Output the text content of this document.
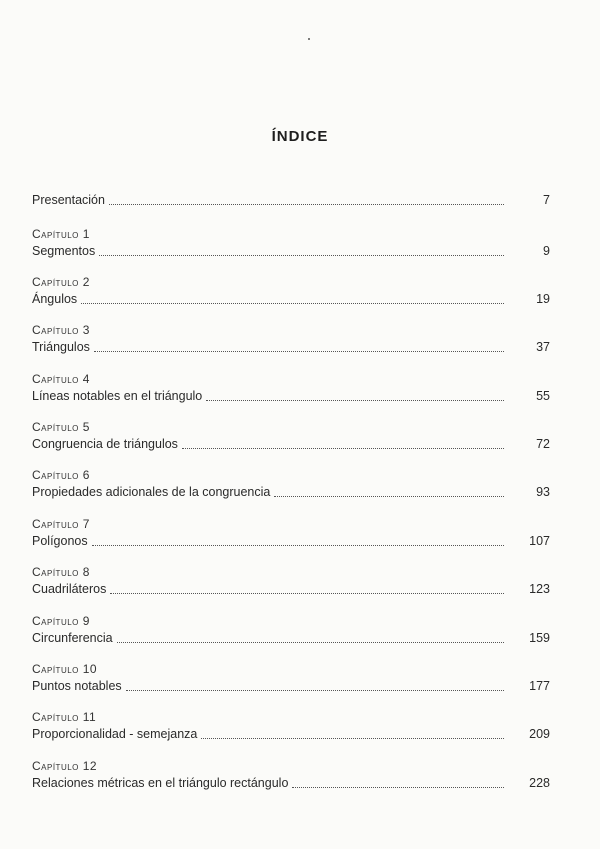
ÍNDICE
Presentación	7
Capítulo 1
Segmentos	9
Capítulo 2
Ángulos	19
Capítulo 3
Triángulos	37
Capítulo 4
Líneas notables en el triángulo	55
Capítulo 5
Congruencia de triángulos	72
Capítulo 6
Propiedades adicionales de la congruencia	93
Capítulo 7
Polígonos	107
Capítulo 8
Cuadriláteros	123
Capítulo 9
Circunferencia	159
Capítulo 10
Puntos notables	177
Capítulo 11
Proporcionalidad - semejanza	209
Capítulo 12
Relaciones métricas en el triángulo rectángulo	228
